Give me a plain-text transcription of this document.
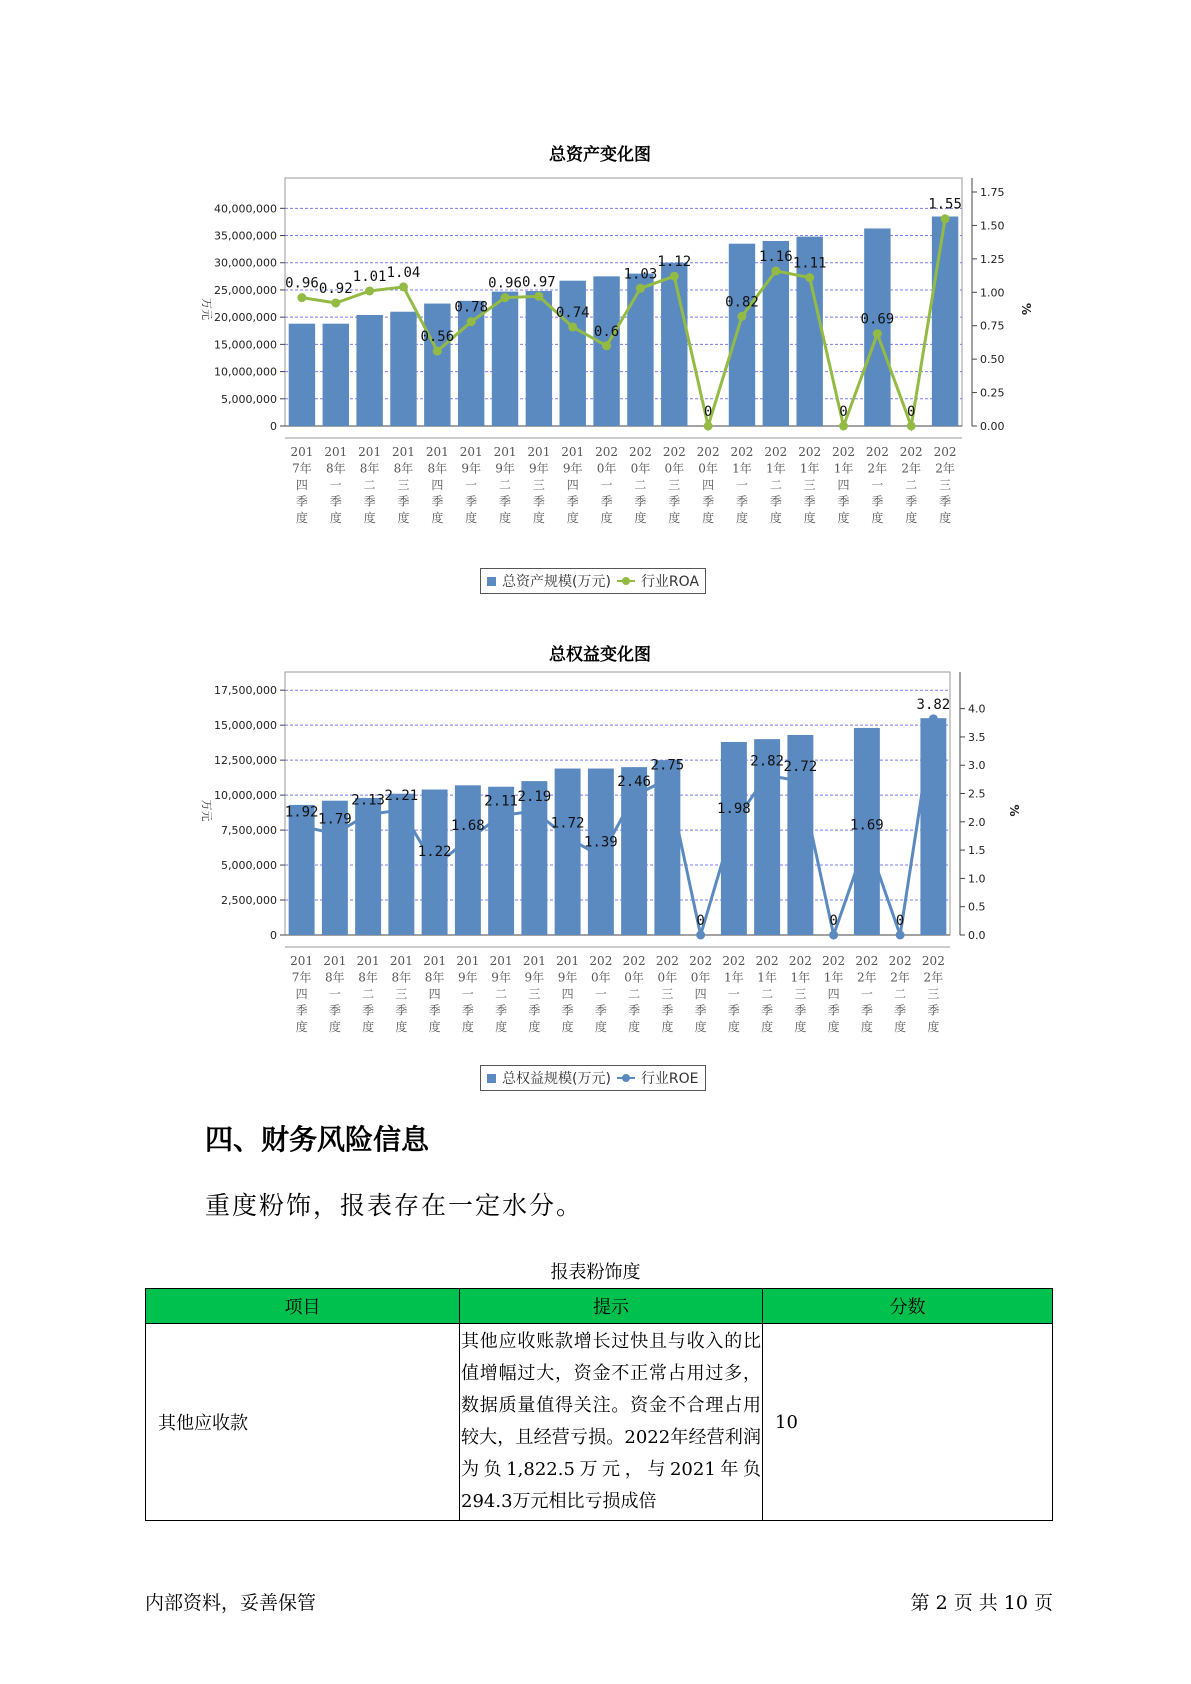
总资产变化图
40,000,000
35,000,000
30,000,000
25,000,000
20,000,000
15,000,000
10,000,000
5,000,000
0
万元
1.75
1.50
1.25
1.00
0.75
0.50
0.25
0.00
%
0.96 0.92
1.01 1.04
0.56
0.78
0.96 0.97
0.74
0.6
1.03
1.12
0
0.82
1.16 1.11
0
0.69
0
1.55
201
7年
四
季
度
201
8年
一
季
度
201
8年
二
季
度
201
8年
三
季
度
201
8年
四
季
度
201
9年
一
季
度
201
9年
二
季
度
201
9年
三
季
度
201
9年
四
季
度
202
0年
一
季
度
202
0年
二
季
度
202
0年
三
季
度
202
0年
四
季
度
202
1年
一
季
度
202
1年
二
季
度
202
1年
三
季
度
202
1年
四
季
度
202
2年
一
季
度
202
2年
二
季
度
202
2年
三
季
度
总资产规模(万元) 行业ROA
总权益变化图
17,500,000
15,000,000
12,500,000
10,000,000
7,500,000
5,000,000
2,500,000
0
万元
4.0
3.5
3.0
2.5
2.0
1.5
1.0
0.5
0.0
%
1.92 1.79
2.13 2.21
1.22
1.68
2.11 2.19
1.72
1.39
2.46
2.75
0
1.98
2.82 2.72
0
1.69
0
3.82
201
7年
四
季
度
201
8年
一
季
度
201
8年
二
季
度
201
8年
三
季
度
201
8年
四
季
度
201
9年
一
季
度
201
9年
二
季
度
201
9年
三
季
度
201
9年
四
季
度
202
0年
一
季
度
202
0年
二
季
度
202
0年
三
季
度
202
0年
四
季
度
202
1年
一
季
度
202
1年
二
季
度
202
1年
三
季
度
202
1年
四
季
度
202
2年
一
季
度
202
2年
二
季
度
202
2年
三
季
度
总权益规模(万元) 行业ROE
四、财务风险信息
重度粉饰，报表存在一定水分。
报表粉饰度
项目	提示	分数
其他应收款	其他应收账款增长过快且与收入的比值增幅过大，资金不正常占用过多，数据质量值得关注。资金不合理占用较大，且经营亏损。2022年经营利润为负1,822.5万元，与2021年负294.3万元相比亏损成倍	10
内部资料，妥善保管	第 2 页 共 10 页
